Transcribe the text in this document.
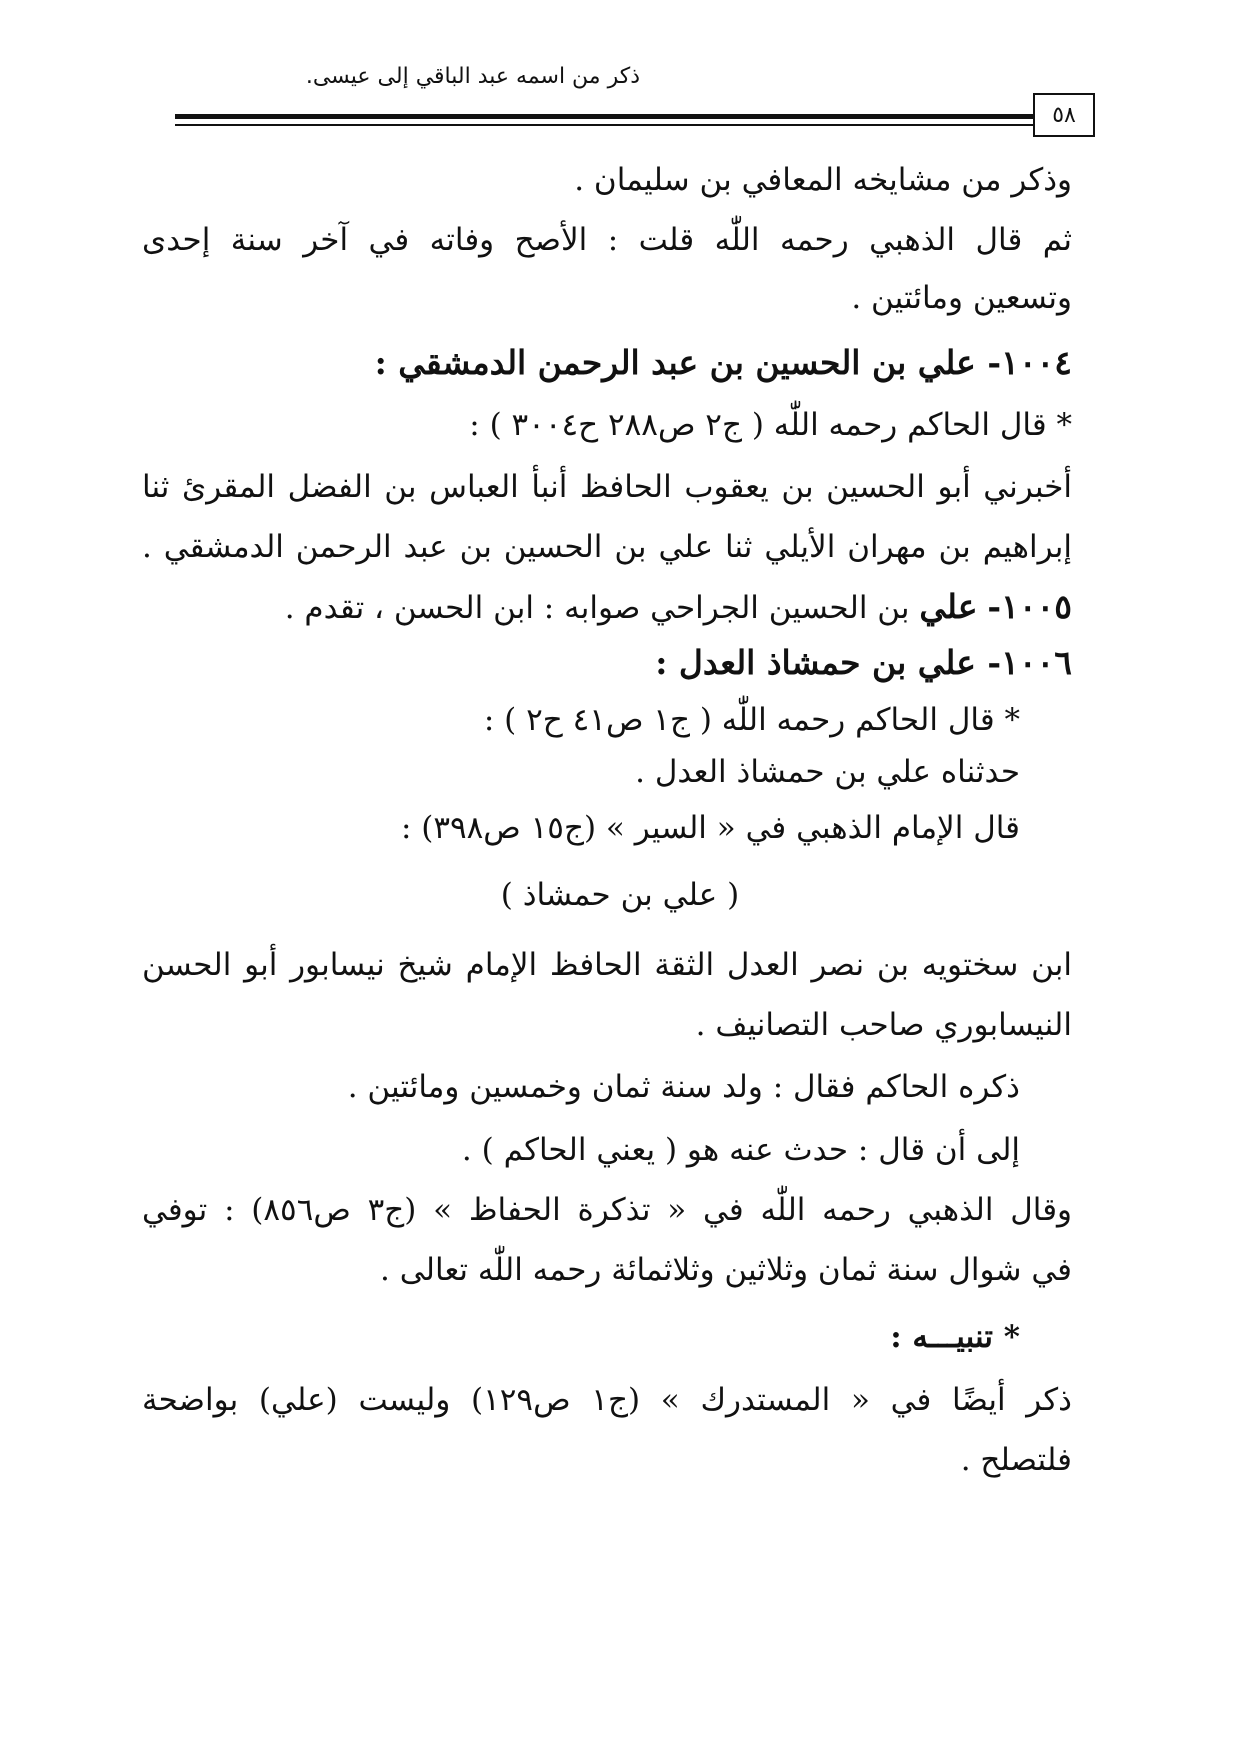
ذكر من اسمه عبد الباقي إلى عيسى.
٥٨
وذكر من مشايخه المعافي بن سليمان .
ثم قال الذهبي رحمه اللّٰه قلت : الأصح وفاته في آخر سنة إحدى
وتسعين ومائتين .
١٠٠٤- علي بن الحسين بن عبد الرحمن الدمشقي :
* قال الحاكم رحمه اللّٰه ( ج٢ ص٢٨٨ ح٣٠٠٤ ) :
أخبرني أبو الحسين بن يعقوب الحافظ أنبأ العباس بن الفضل المقرئ ثنا
إبراهيم بن مهران الأيلي ثنا علي بن الحسين بن عبد الرحمن الدمشقي .
١٠٠٥- علي بن الحسين الجراحي صوابه : ابن الحسن ، تقدم .
١٠٠٦- علي بن حمشاذ العدل :
* قال الحاكم رحمه اللّٰه ( ج١ ص٤١ ح٢ ) :
حدثناه علي بن حمشاذ العدل .
قال الإمام الذهبي في « السير » (ج١٥ ص٣٩٨) :
( علي بن حمشاذ )
ابن سختويه بن نصر العدل الثقة الحافظ الإمام شيخ نيسابور أبو الحسن
النيسابوري صاحب التصانيف .
ذكره الحاكم فقال : ولد سنة ثمان وخمسين ومائتين .
إلى أن قال : حدث عنه هو ( يعني الحاكم ) .
وقال الذهبي رحمه اللّٰه في « تذكرة الحفاظ » (ج٣ ص٨٥٦) : توفي
في شوال سنة ثمان وثلاثين وثلاثمائة رحمه اللّٰه تعالى .
* تنبيـــه :
ذكر أيضًا في « المستدرك » (ج١ ص١٢٩) وليست (علي) بواضحة
فلتصلح .
